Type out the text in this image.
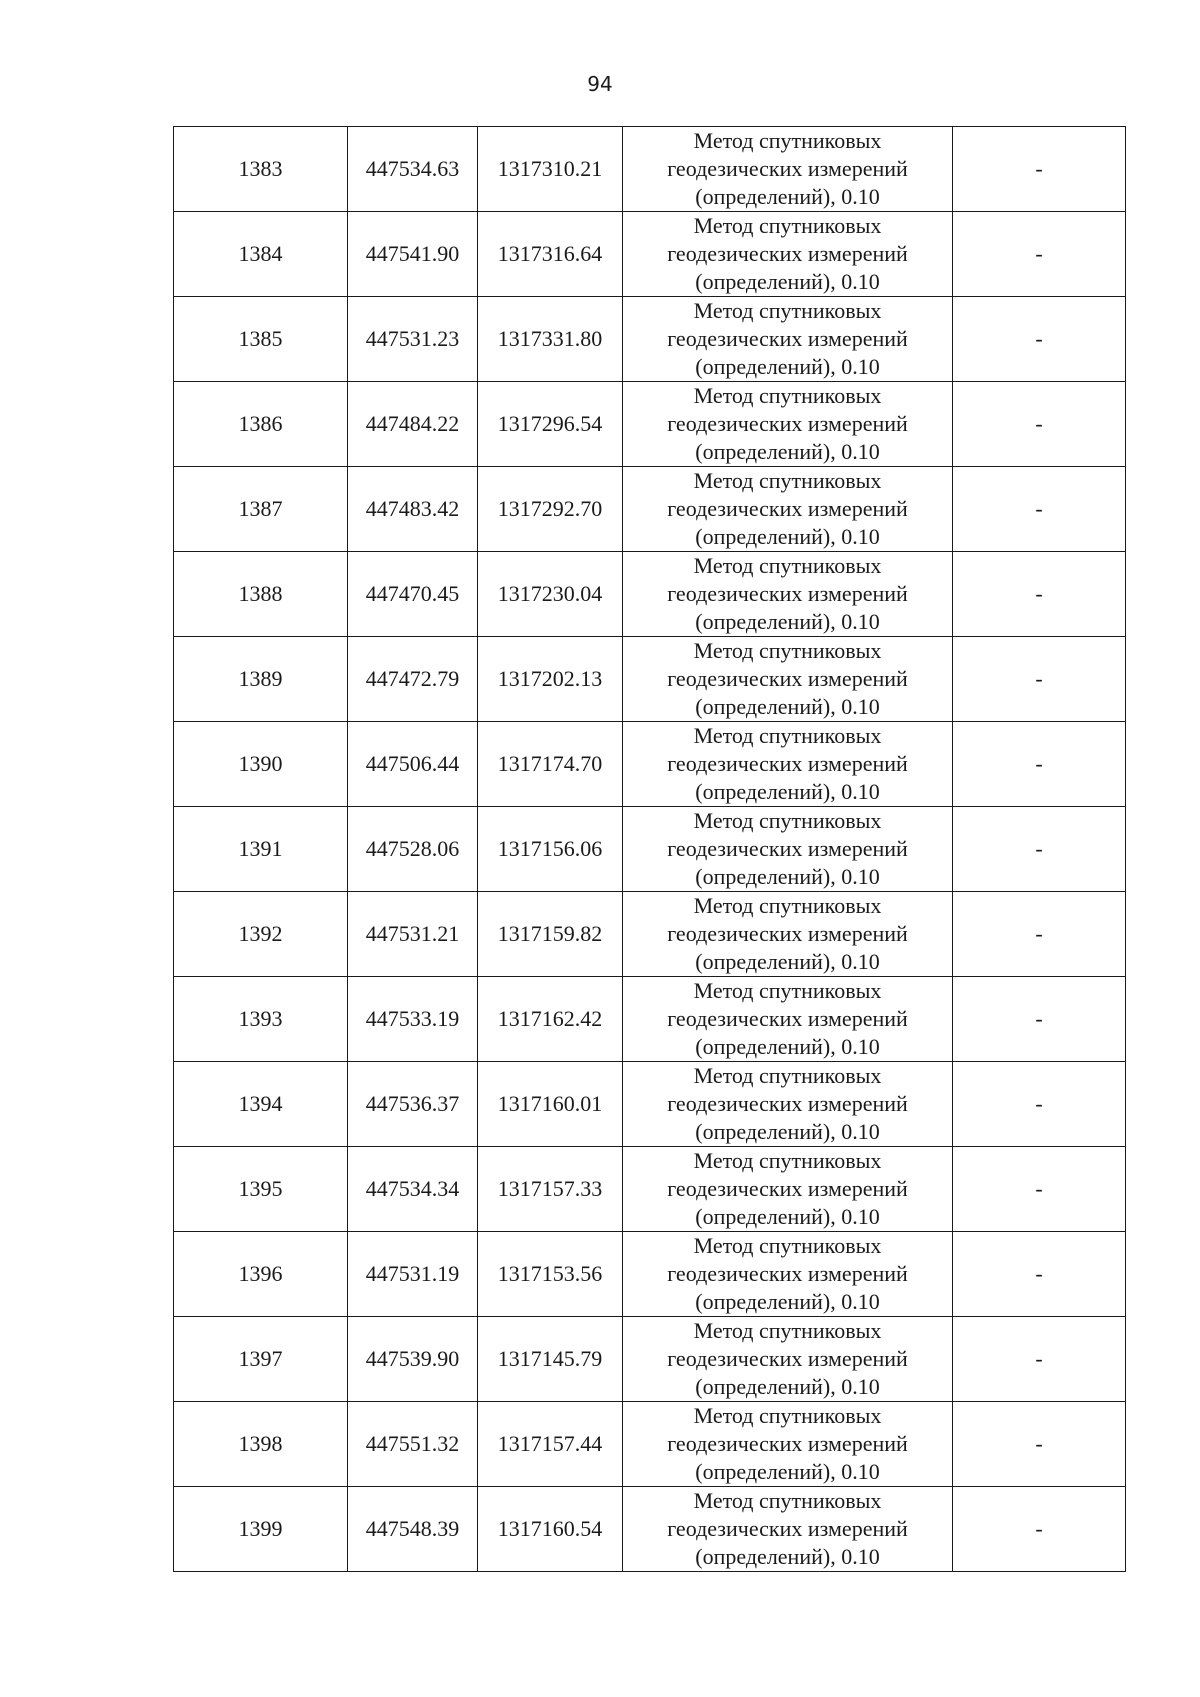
94
1383	447534.63	1317310.21	Метод спутниковых геодезических измерений (определений), 0.10	-
1384	447541.90	1317316.64	Метод спутниковых геодезических измерений (определений), 0.10	-
1385	447531.23	1317331.80	Метод спутниковых геодезических измерений (определений), 0.10	-
1386	447484.22	1317296.54	Метод спутниковых геодезических измерений (определений), 0.10	-
1387	447483.42	1317292.70	Метод спутниковых геодезических измерений (определений), 0.10	-
1388	447470.45	1317230.04	Метод спутниковых геодезических измерений (определений), 0.10	-
1389	447472.79	1317202.13	Метод спутниковых геодезических измерений (определений), 0.10	-
1390	447506.44	1317174.70	Метод спутниковых геодезических измерений (определений), 0.10	-
1391	447528.06	1317156.06	Метод спутниковых геодезических измерений (определений), 0.10	-
1392	447531.21	1317159.82	Метод спутниковых геодезических измерений (определений), 0.10	-
1393	447533.19	1317162.42	Метод спутниковых геодезических измерений (определений), 0.10	-
1394	447536.37	1317160.01	Метод спутниковых геодезических измерений (определений), 0.10	-
1395	447534.34	1317157.33	Метод спутниковых геодезических измерений (определений), 0.10	-
1396	447531.19	1317153.56	Метод спутниковых геодезических измерений (определений), 0.10	-
1397	447539.90	1317145.79	Метод спутниковых геодезических измерений (определений), 0.10	-
1398	447551.32	1317157.44	Метод спутниковых геодезических измерений (определений), 0.10	-
1399	447548.39	1317160.54	Метод спутниковых геодезических измерений (определений), 0.10	-
